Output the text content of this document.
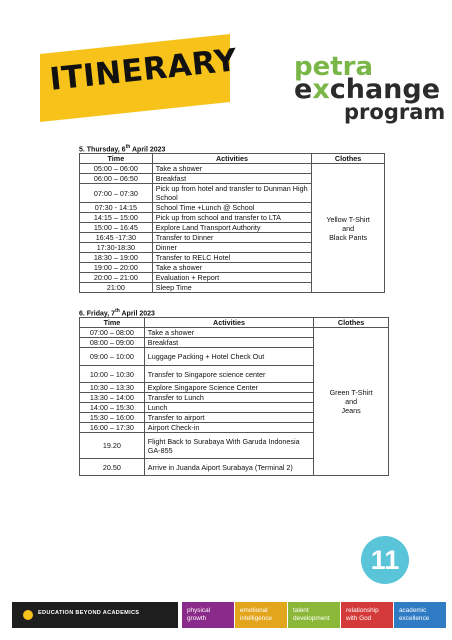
ITINERARY petra
exchange
program
5. Thursday, 6th April 2023
Time	Activities	Clothes
05:00 – 06:00	Take a shower	Yellow T-Shirt
and
Black Pants

06:00 – 06:50	Breakfast	
07:00 – 07:30	Pick up from hotel and transfer to Dunman High School	
07:30 - 14:15	School Time +Lunch @ School	
14:15 – 15:00	Pick up from school and transfer to LTA	
15:00 – 16:45	Explore Land Transport Authority	
16:45 -17:30	Transfer to Dinner	
17:30-18:30	Dinner	
18:30 – 19:00	Transfer to RELC Hotel	
19:00 – 20:00	Take a shower	
20:00 – 21:00	Evaluation + Report	
21:00	Sleep Time	
6. Friday, 7th April 2023
Time	Activities	Clothes
07:00 – 08:00	Take a shower	Green T-Shirt
and
Jeans

08:00 – 09:00	Breakfast	
09:00 – 10:00	Luggage Packing + Hotel Check Out	
10:00 – 10:30	Transfer to Singapore science center	
10:30 – 13:30	Explore Singapore Science Center	
13:30 – 14:00	Transfer to Lunch	
14:00 – 15:30	Lunch	
15:30 – 16:00	Transfer to airport	
16:00 – 17:30	Airport Check-in	
19.20	Flight Back to Surabaya With Garuda Indonesia GA-855	
20.50	Arrive in Juanda Aiport Surabaya (Terminal 2)	
11
EDUCATION BEYOND ACADEMICS	physical
growth
emotional
intelligence
talent
development
relationship
with God
academic
excellence
